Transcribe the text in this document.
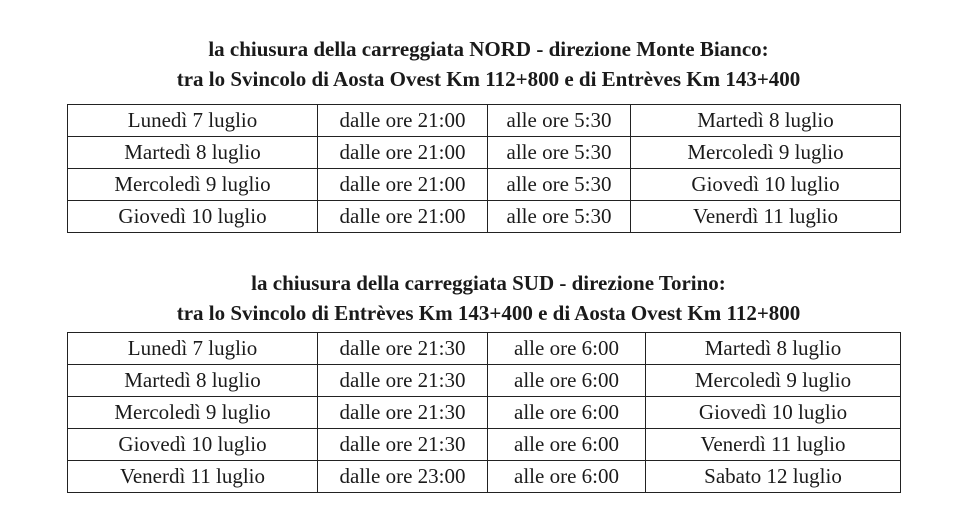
la chiusura della carreggiata NORD - direzione Monte Bianco:
tra lo Svincolo di Aosta Ovest Km 112+800 e di Entrèves Km 143+400
Lunedì 7 luglio	dalle ore 21:00	alle ore 5:30	Martedì 8 luglio
Martedì 8 luglio	dalle ore 21:00	alle ore 5:30	Mercoledì 9 luglio
Mercoledì 9 luglio	dalle ore 21:00	alle ore 5:30	Giovedì 10 luglio
Giovedì 10 luglio	dalle ore 21:00	alle ore 5:30	Venerdì 11 luglio
la chiusura della carreggiata SUD - direzione Torino:
tra lo Svincolo di Entrèves Km 143+400 e di Aosta Ovest Km 112+800
Lunedì 7 luglio	dalle ore 21:30	alle ore 6:00	Martedì 8 luglio
Martedì 8 luglio	dalle ore 21:30	alle ore 6:00	Mercoledì 9 luglio
Mercoledì 9 luglio	dalle ore 21:30	alle ore 6:00	Giovedì 10 luglio
Giovedì 10 luglio	dalle ore 21:30	alle ore 6:00	Venerdì 11 luglio
Venerdì 11 luglio	dalle ore 23:00	alle ore 6:00	Sabato 12 luglio
